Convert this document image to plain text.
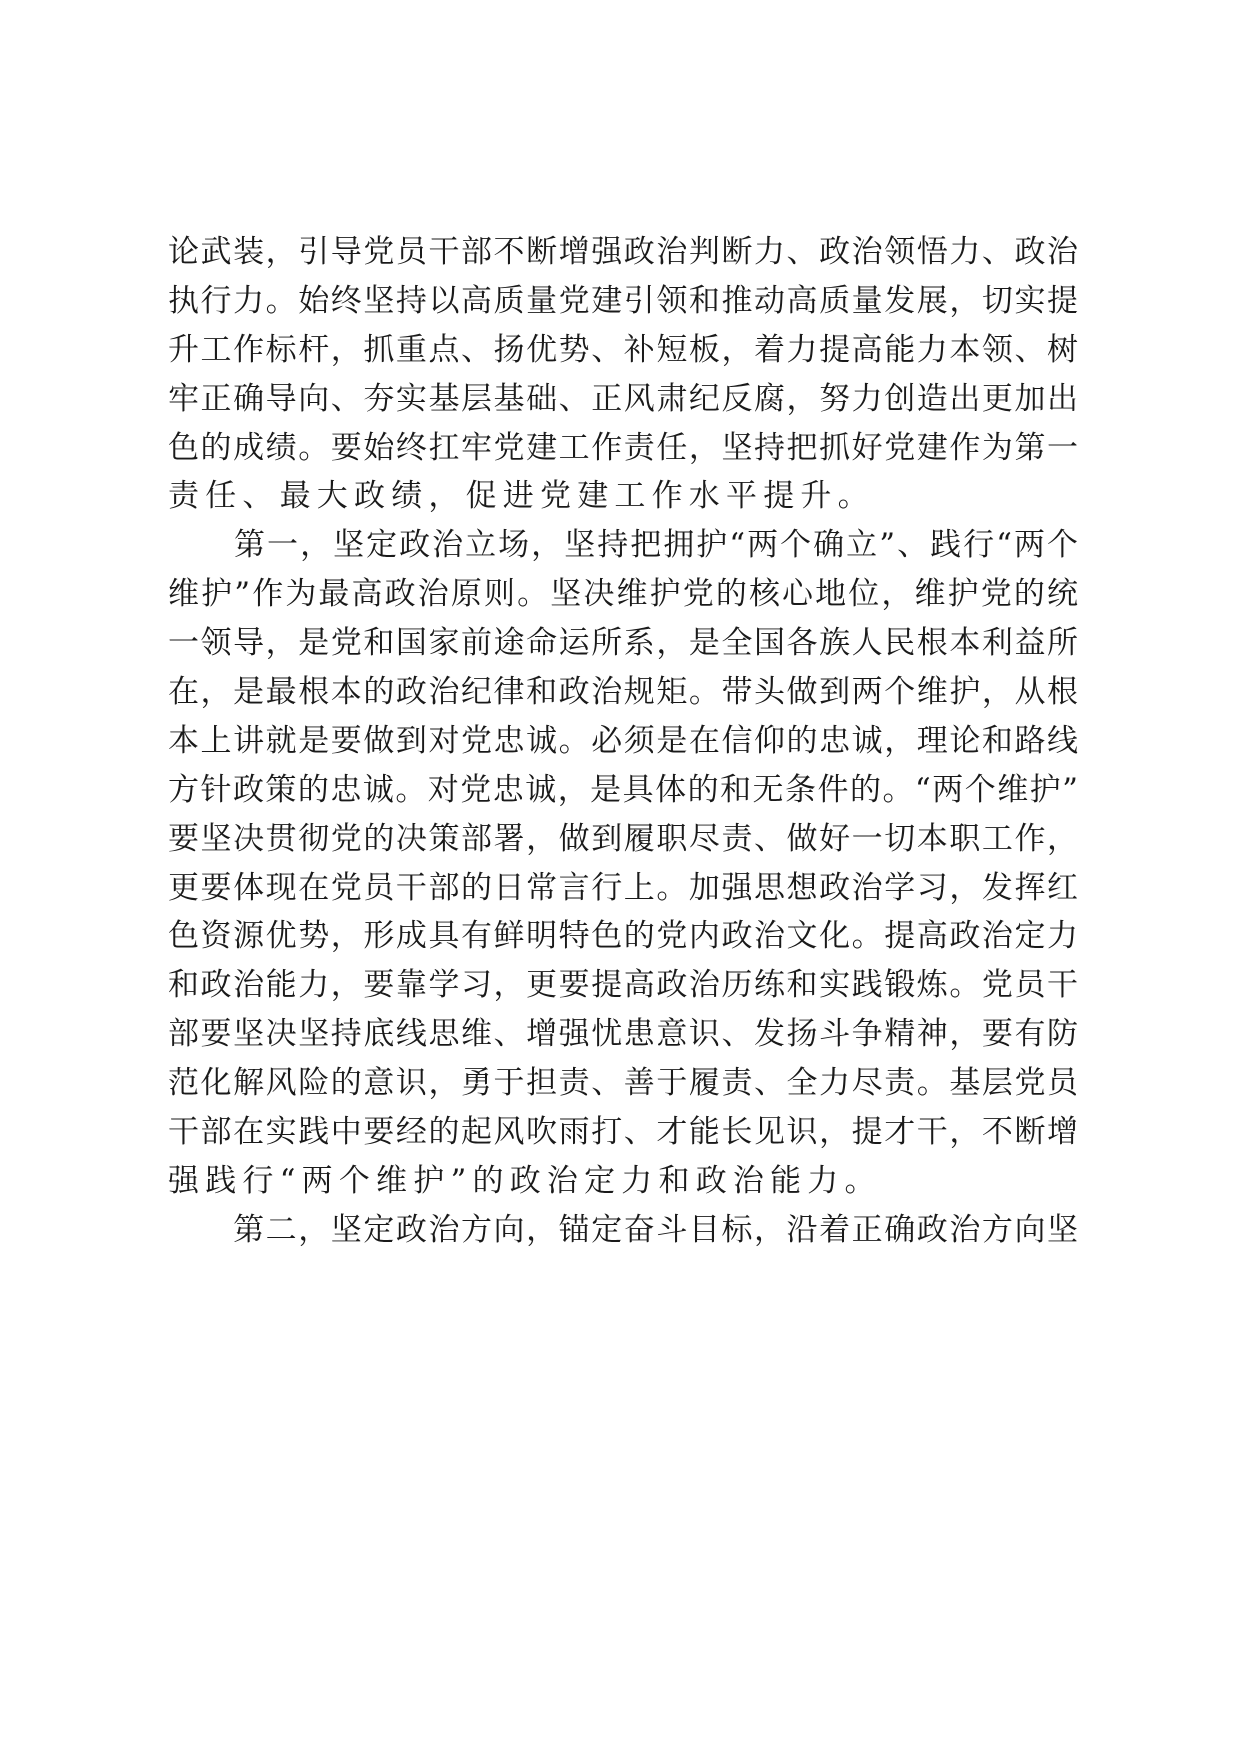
论武装，引导党员干部不断增强政治判断力、政治领悟力、政治
执行力。始终坚持以高质量党建引领和推动高质量发展，切实提
升工作标杆，抓重点、扬优势、补短板，着力提高能力本领、树
牢正确导向、夯实基层基础、正风肃纪反腐，努力创造出更加出
色的成绩。要始终扛牢党建工作责任，坚持把抓好党建作为第一
责任、最大政绩，促进党建工作水平提升。
　　第一，坚定政治立场，坚持把拥护“两个确立”、践行“两个
维护”作为最高政治原则。坚决维护党的核心地位，维护党的统
一领导，是党和国家前途命运所系，是全国各族人民根本利益所
在，是最根本的政治纪律和政治规矩。带头做到两个维护，从根
本上讲就是要做到对党忠诚。必须是在信仰的忠诚，理论和路线
方针政策的忠诚。对党忠诚，是具体的和无条件的。“两个维护”
要坚决贯彻党的决策部署，做到履职尽责、做好一切本职工作，
更要体现在党员干部的日常言行上。加强思想政治学习，发挥红
色资源优势，形成具有鲜明特色的党内政治文化。提高政治定力
和政治能力，要靠学习，更要提高政治历练和实践锻炼。党员干
部要坚决坚持底线思维、增强忧患意识、发扬斗争精神，要有防
范化解风险的意识，勇于担责、善于履责、全力尽责。基层党员
干部在实践中要经的起风吹雨打、才能长见识，提才干，不断增
强践行“两个维护”的政治定力和政治能力。
　　第二，坚定政治方向，锚定奋斗目标，沿着正确政治方向坚
